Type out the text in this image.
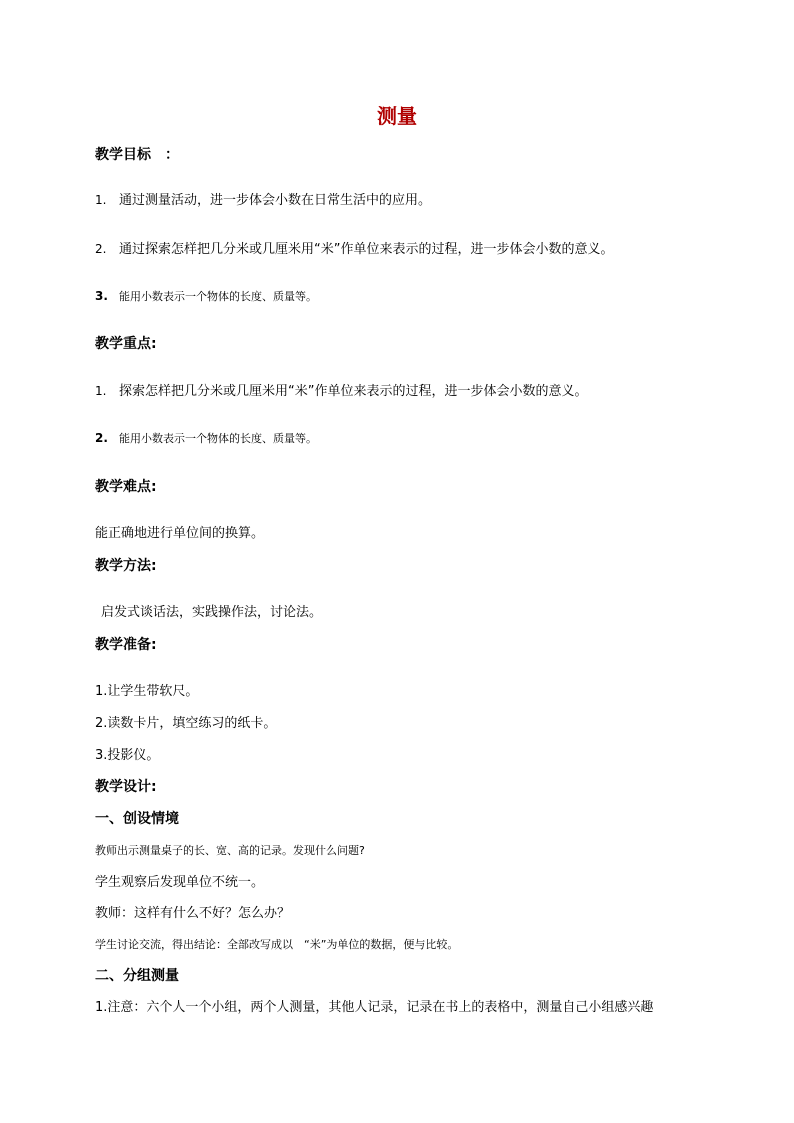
测量
教学目标　：
1. 通过测量活动，进一步体会小数在日常生活中的应用。
2. 通过探索怎样把几分米或几厘米用“米”作单位来表示的过程，进一步体会小数的意义。
3. 能用小数表示一个物体的长度、质量等。
教学重点:
1. 探索怎样把几分米或几厘米用“米”作单位来表示的过程，进一步体会小数的意义。
2. 能用小数表示一个物体的长度、质量等。
教学难点:
能正确地进行单位间的换算。
教学方法:
启发式谈话法，实践操作法，讨论法。
教学准备:
1.让学生带软尺。
2.读数卡片，填空练习的纸卡。
3.投影仪。
教学设计:
一、创设情境
教师出示测量桌子的长、宽、高的记录。发现什么问题?
学生观察后发现单位不统一。
教师：这样有什么不好？怎么办？
学生讨论交流，得出结论：全部改写成以　“米”为单位的数据，便与比较。
二、分组测量
1.注意：六个人一个小组，两个人测量，其他人记录，记录在书上的表格中，测量自己小组感兴趣
